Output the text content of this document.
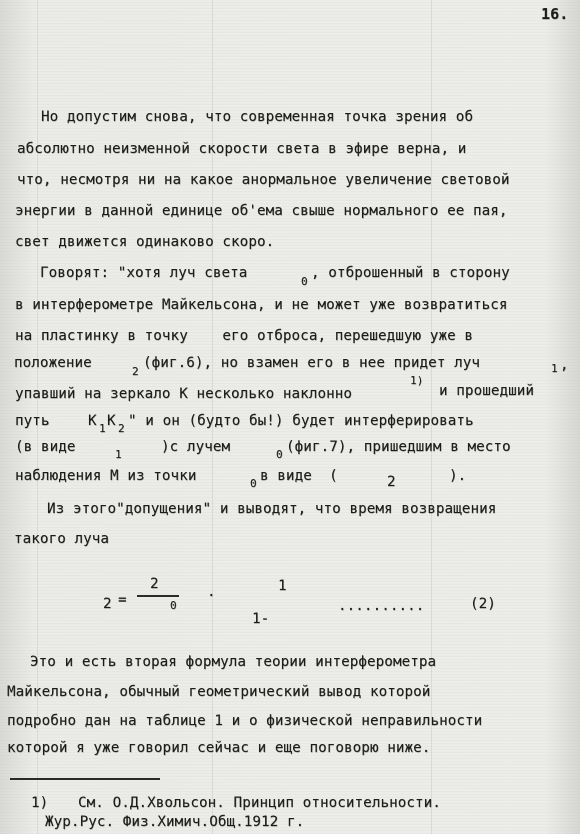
16.
Но допустим снова, что современная точка зрения об
абсолютно неизменной скорости света в эфире верна, и
что, несмотря ни на какое анормальное увеличение световой
энергии в данной единице об'ема свыше нормального ее пая,
свет движется одинаково скоро.
Говорят: "хотя луч света
0
, отброшенный в сторону
в интерферометре Майкельсона, и не может уже возвратиться
на пластинку в точку    его отброса, перешедшую уже в
положение
2
(фиг.6), но взамен его в нее придет луч	1 ,
упавший на зеркало К несколько наклонно
1)
и прошедший
путь	К 1 К 2 " и он (будто бы!) будет интерферировать
(в виде	1	)с лучем	0 (фиг.7), пришедшим в место
наблюдения М из точки	0 в виде  (	2	).
Из этого"допущения" и выводят, что время возвращения
такого луча
2 =
2
0
·
1
1-
..........	(2)
Это и есть вторая формула теории интерферометра
Майкельсона, обычный геометрический вывод которой
подробно дан на таблице 1 и о физической неправильности
которой я уже говорил сейчас и еще поговорю ниже.
1) См. О.Д.Хвольсон. Принцип относительности.
Жур.Рус. Физ.Химич.Общ.1912 г.
